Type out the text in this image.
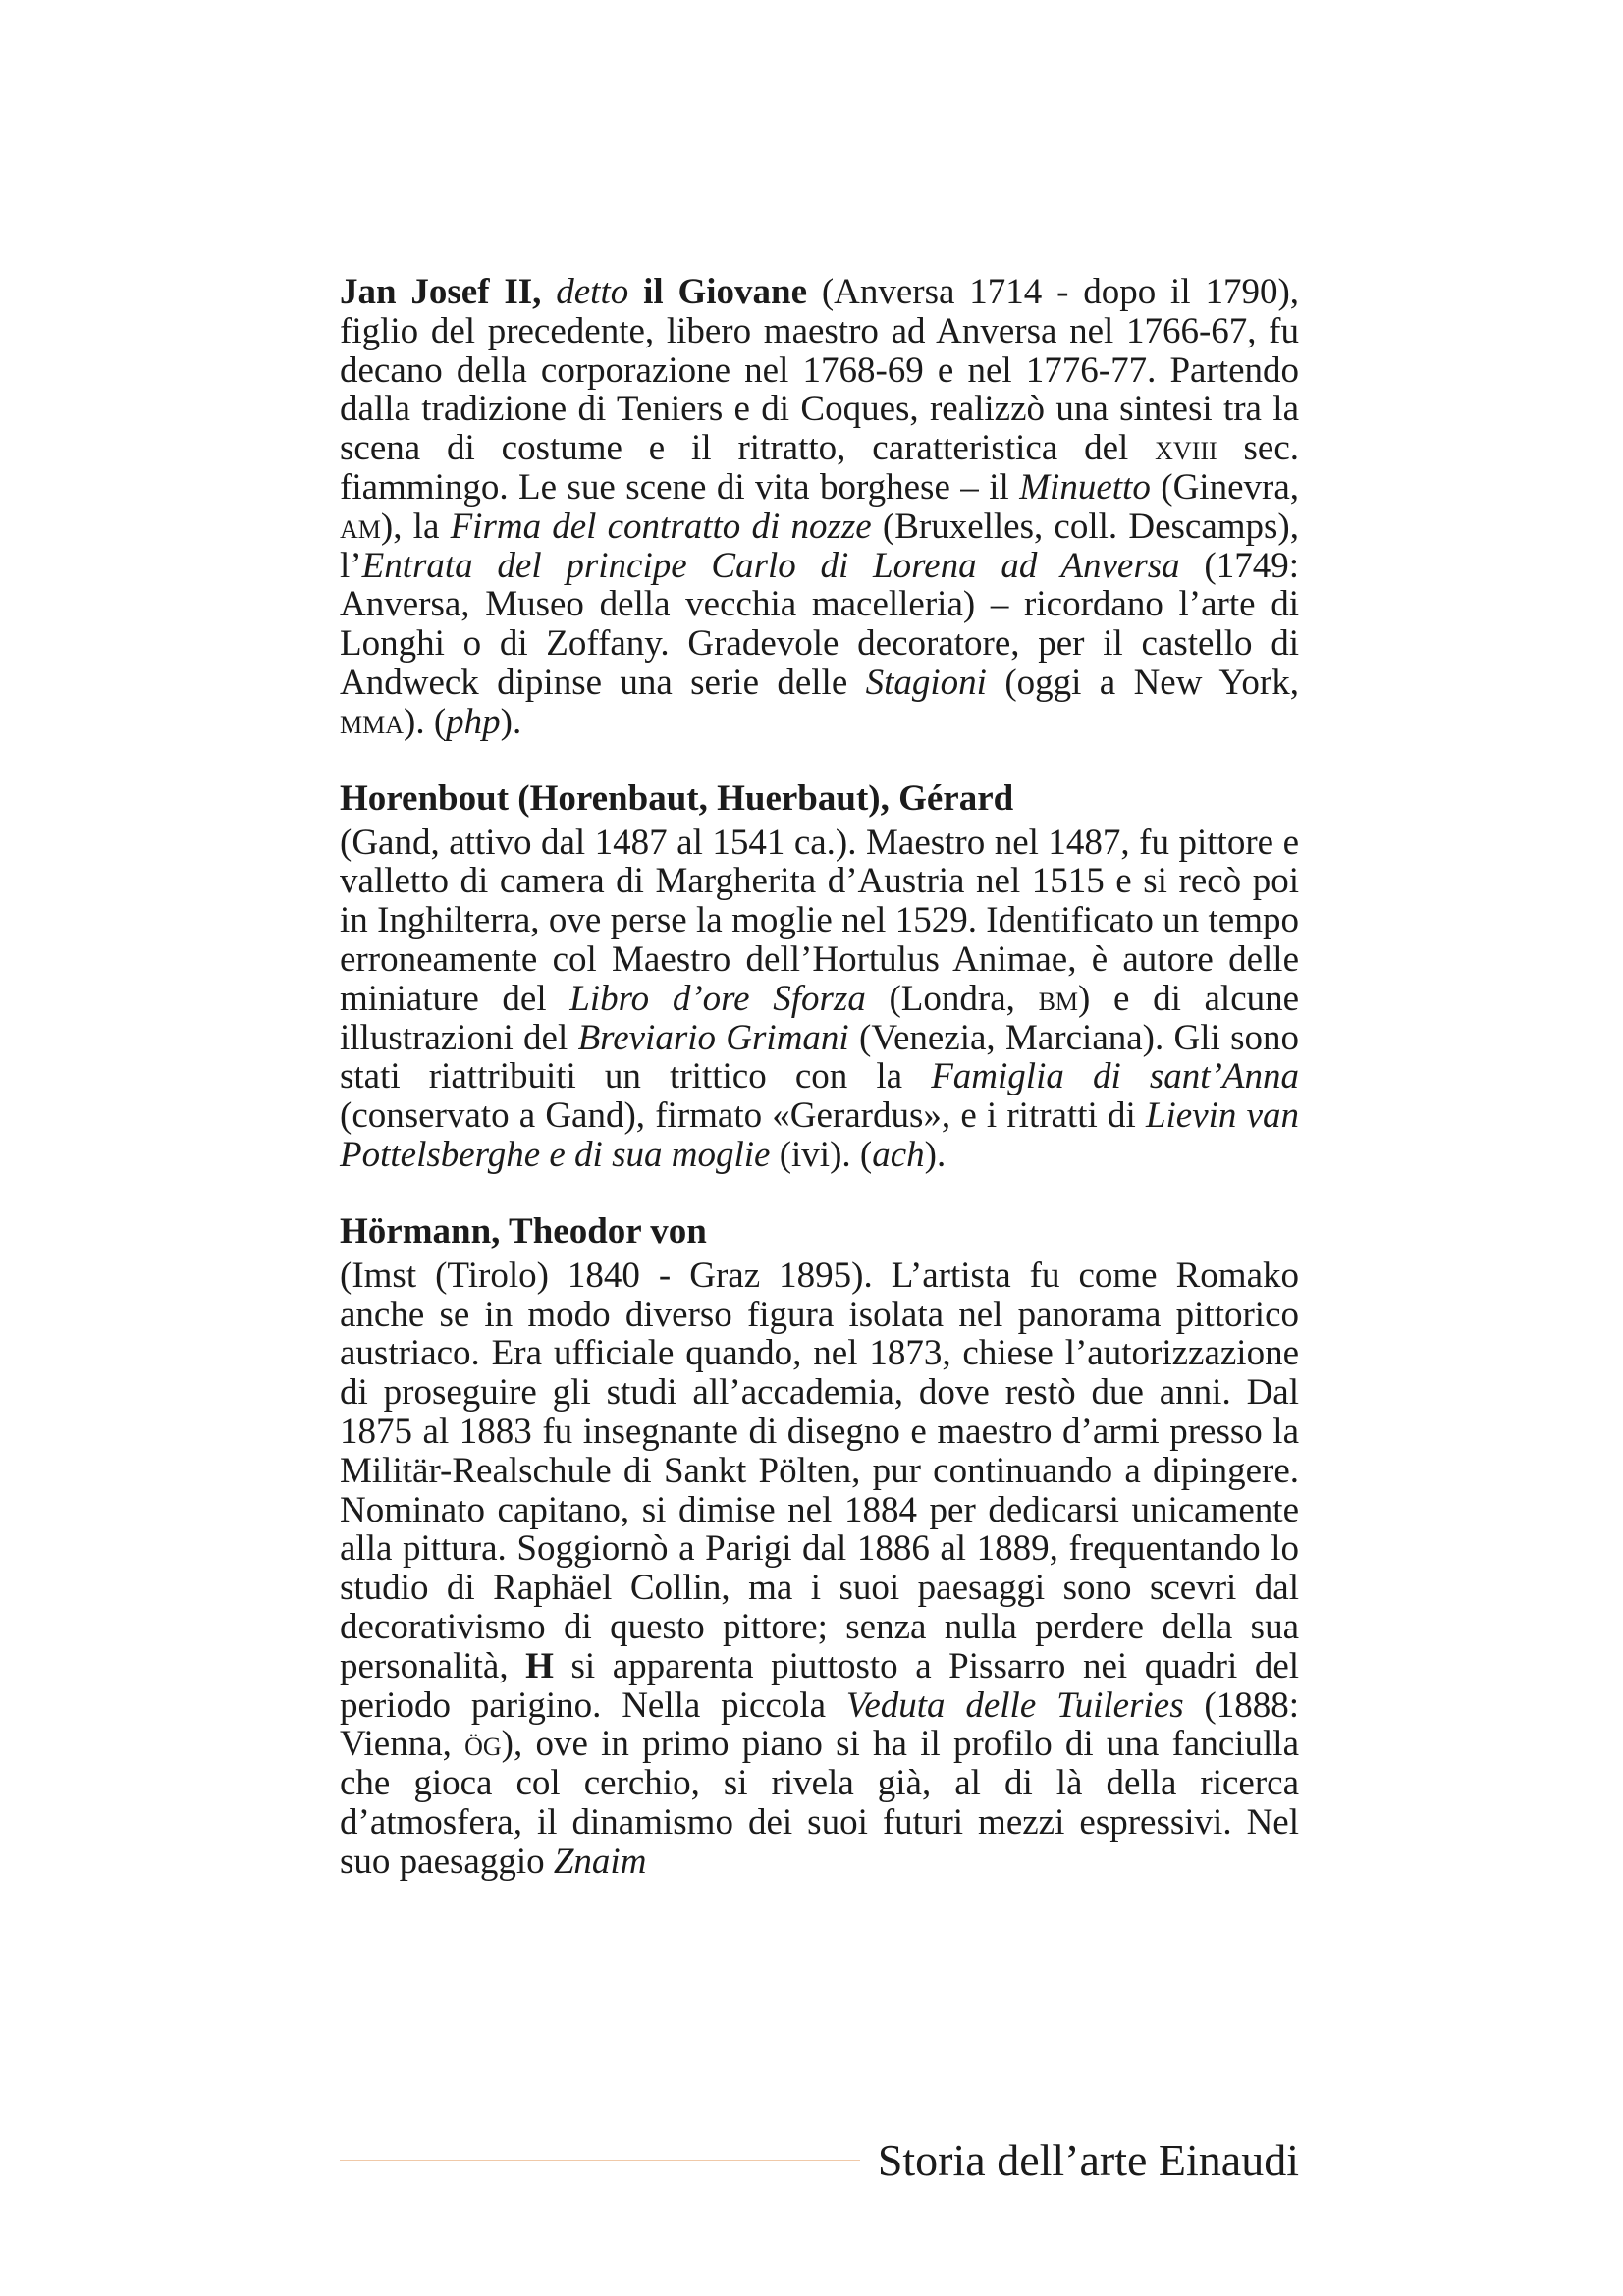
Jan Josef II, detto il Giovane (Anversa 1714 - dopo il 1790), figlio del precedente, libero maestro ad Anversa nel 1766-67, fu decano della corporazione nel 1768-69 e nel 1776-77. Partendo dalla tradizione di Teniers e di Coques, realizzò una sintesi tra la scena di costume e il ritratto, caratteristica del xviii sec. fiammingo. Le sue scene di vita borghese – il Minuetto (Ginevra, am), la Firma del contratto di nozze (Bruxelles, coll. Descamps), l’Entrata del principe Carlo di Lorena ad Anversa (1749: Anversa, Museo della vecchia macelleria) – ricordano l’arte di Longhi o di Zoffany. Gradevole decoratore, per il castello di Andweck dipinse una serie delle Stagioni (oggi a New York, mma). (php).

Horenbout (Horenbaut, Huerbaut), Gérard

(Gand, attivo dal 1487 al 1541 ca.). Maestro nel 1487, fu pittore e valletto di camera di Margherita d’Austria nel 1515 e si recò poi in Inghilterra, ove perse la moglie nel 1529. Identificato un tempo erroneamente col Maestro dell’Hortulus Animae, è autore delle miniature del Libro d’ore Sforza (Londra, bm) e di alcune illustrazioni del Breviario Grimani (Venezia, Marciana). Gli sono stati riattribuiti un trittico con la Famiglia di sant’Anna (conservato a Gand), firmato «Gerardus», e i ritratti di Lievin van Pottelsberghe e di sua moglie (ivi). (ach).

Hörmann, Theodor von

(Imst (Tirolo) 1840 - Graz 1895). L’artista fu come Romako anche se in modo diverso figura isolata nel panorama pittorico austriaco. Era ufficiale quando, nel 1873, chiese l’autorizzazione di proseguire gli studi all’accademia, dove restò due anni. Dal 1875 al 1883 fu insegnante di disegno e maestro d’armi presso la Militär-Realschule di Sankt Pölten, pur continuando a dipingere. Nominato capitano, si dimise nel 1884 per dedicarsi unicamente alla pittura. Soggiornò a Parigi dal 1886 al 1889, frequentando lo studio di Raphäel Collin, ma i suoi paesaggi sono scevri dal decorativismo di questo pittore; senza nulla perdere della sua personalità, H si apparenta piuttosto a Pissarro nei quadri del periodo parigino. Nella piccola Veduta delle Tuileries (1888: Vienna, ög), ove in primo piano si ha il profilo di una fanciulla che gioca col cerchio, si rivela già, al di là della ricerca d’atmosfera, il dinamismo dei suoi futuri mezzi espressivi. Nel suo paesaggio Znaim

Storia dell’arte Einaudi
